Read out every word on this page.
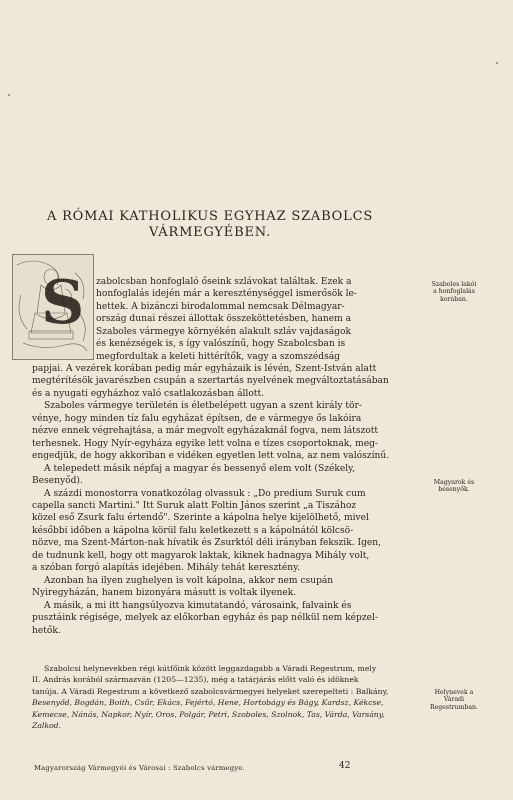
A RÓMAI KATHOLIKUS EGYHAZ SZABOLCS
VÁRMEGYÉBEN.
S zabolcsban honfoglaló őseink szlávokat találtak. Ezek a
honfoglalás idején már a kereszténységgel ismerősök le-
hettek. A bizánczi birodalommal nemcsak Délmagyar-
ország dunai részei állottak összeköttetésben, hanem a
Szaboles vármegye környékén alakult szláv vajdaságok
és kenézségek is, s így valószínű, hogy Szabolcsban is
megfordultak a keleti hittérítők, vagy a szomszédság
papjai. A vezérek korában pedig már egyházaik is lévén, Szent-István alatt
megtérítésök javarészben csupán a szertartás nyelvének megváltoztatásában
és a nyugati egyházhoz való csatlakozásban állott.
Szaboles vármegye területén is életbelépett ugyan a szent király tör-
vénye, hogy minden tíz falu egyházat építsen, de e vármegye ős lakóira
nézve ennek végrehajtása, a már megvolt egyházakmál fogva, nem látszott
terhesnek. Hogy Nyír-egyháza egyike lett volna e tízes csoportoknak, meg-
engedjük, de hogy akkoriban e vidéken egyetlen lett volna, az nem valószínű.
A telepedett másik népfaj a magyar és bessenyő elem volt (Székely,
Besenyőd).
A százdi monostorra vonatkozólag olvassuk : „Do predium Suruk cum
capella sancti Martini." Itt Suruk alatt Foltin János szerint „a Tiszához
közel eső Zsurk falu értendő". Szerinte a kápolna helye kijelölhető, mivel
későbbi időben a kápolna körül falu keletkezett s a kápolnától kölcsö-
nözve, ma Szent-Márton-nak hívatik és Zsurktól déli irányban fekszik. Igen,
de tudnunk kell, hogy ott magyarok laktak, kiknek hadnagya Mihály volt,
a szóban forgó alapítás idejében. Mihály tehát keresztény.
Azonban ha ilyen zughelyen is volt kápolna, akkor nem csupán
Nyiregyházán, hanem bizonyára másutt is voltak ilyenek.
A másik, a mi itt hangsúlyozva kimutatandó, városaink, falvaink és
pusztáink régisége, melyek az előkorban egyház és pap nélkül nem képzel-
hetők.
Szabolcsi helynevekben régi kútfőink között leggazdagabb a Váradi Regestrum, mely
II. András korából származván (1205—1235), még a tatárjárás előtt való és idöknek
tanúja. A Váradi Regestrum a következő szabolcsvármegyei helyeket szerepelteti : Balkány,
Besenyőd, Bogdán, Boith, Csűr, Ekács, Fejértó, Hene, Hortobágy és Bágy, Kardsz, Kékcse,
Kemecse, Nánás, Napkor, Nyír, Oros, Polgár, Petri, Szoboles, Szolnok, Tas, Várda, Varsány,
Zalkod.
Szaboles lakói
a honfoglalás
korában.
Magyarok és
besenyők.
Helynevek a
Váradi
Regestrumban.
Magyarország Vármegyéi és Városai : Szabolcs vármegye.	42
